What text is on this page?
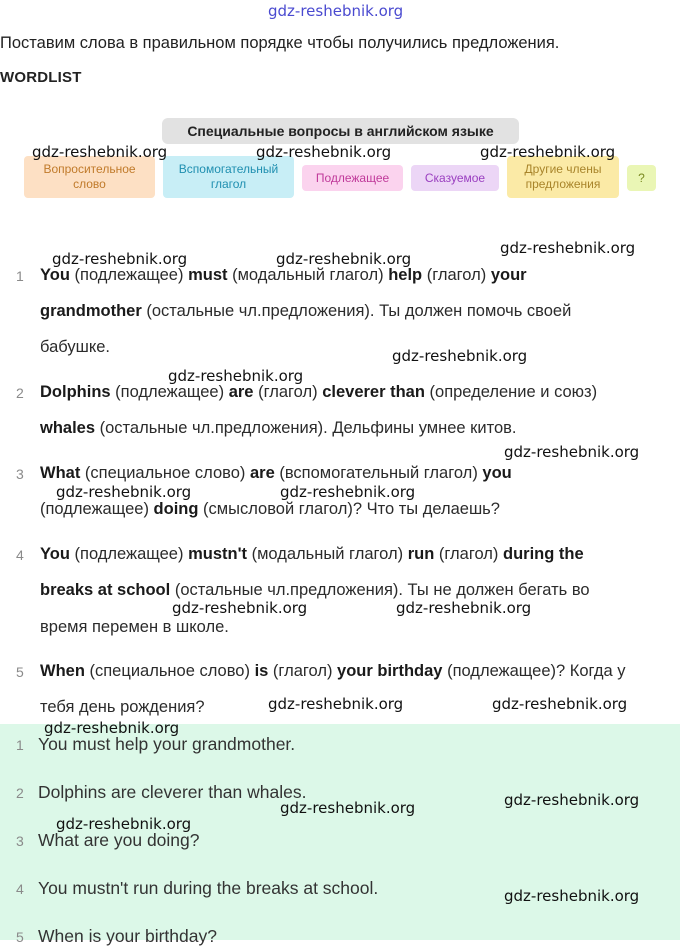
Поставим слова в правильном порядке чтобы получились предложения.
WORDLIST
Специальные вопросы в английском языке
Вопросительное
слово
Вспомогательный
глагол	Подлежащее	Сказуемое
Другие члены
предложения	?
1 You (подлежащее) must (модальный глагол) help (глагол) your
grandmother (остальные чл.предложения). Ты должен помочь своей
бабушке.
2 Dolphins (подлежащее) are (глагол) cleverer than (определение и союз)
whales (остальные чл.предложения). Дельфины умнее китов.
3 What (специальное слово) are (вспомогательный глагол) you
(подлежащее) doing (смысловой глагол)? Что ты делаешь?
4 You (подлежащее) mustn't (модальный глагол) run (глагол) during the
breaks at school (остальные чл.предложения). Ты не должен бегать во
время перемен в школе.
5 When (специальное слово) is (глагол) your birthday (подлежащее)? Когда у
тебя день рождения?
1 You must help your grandmother.
2 Dolphins are cleverer than whales.
3 What are you doing?
4 You mustn't run during the breaks at school.
5 When is your birthday?
gdz-reshebnik.org
gdz-reshebnik.org	gdz-reshebnik.org	gdz-reshebnik.org
gdz-reshebnik.org	gdz-reshebnik.org
gdz-reshebnik.org
gdz-reshebnik.org
gdz-reshebnik.org
gdz-reshebnik.org
gdz-reshebnik.org	gdz-reshebnik.org
gdz-reshebnik.org	gdz-reshebnik.org
gdz-reshebnik.org	gdz-reshebnik.org
gdz-reshebnik.org
gdz-reshebnik.org
gdz-reshebnik.org
gdz-reshebnik.org
gdz-reshebnik.org
